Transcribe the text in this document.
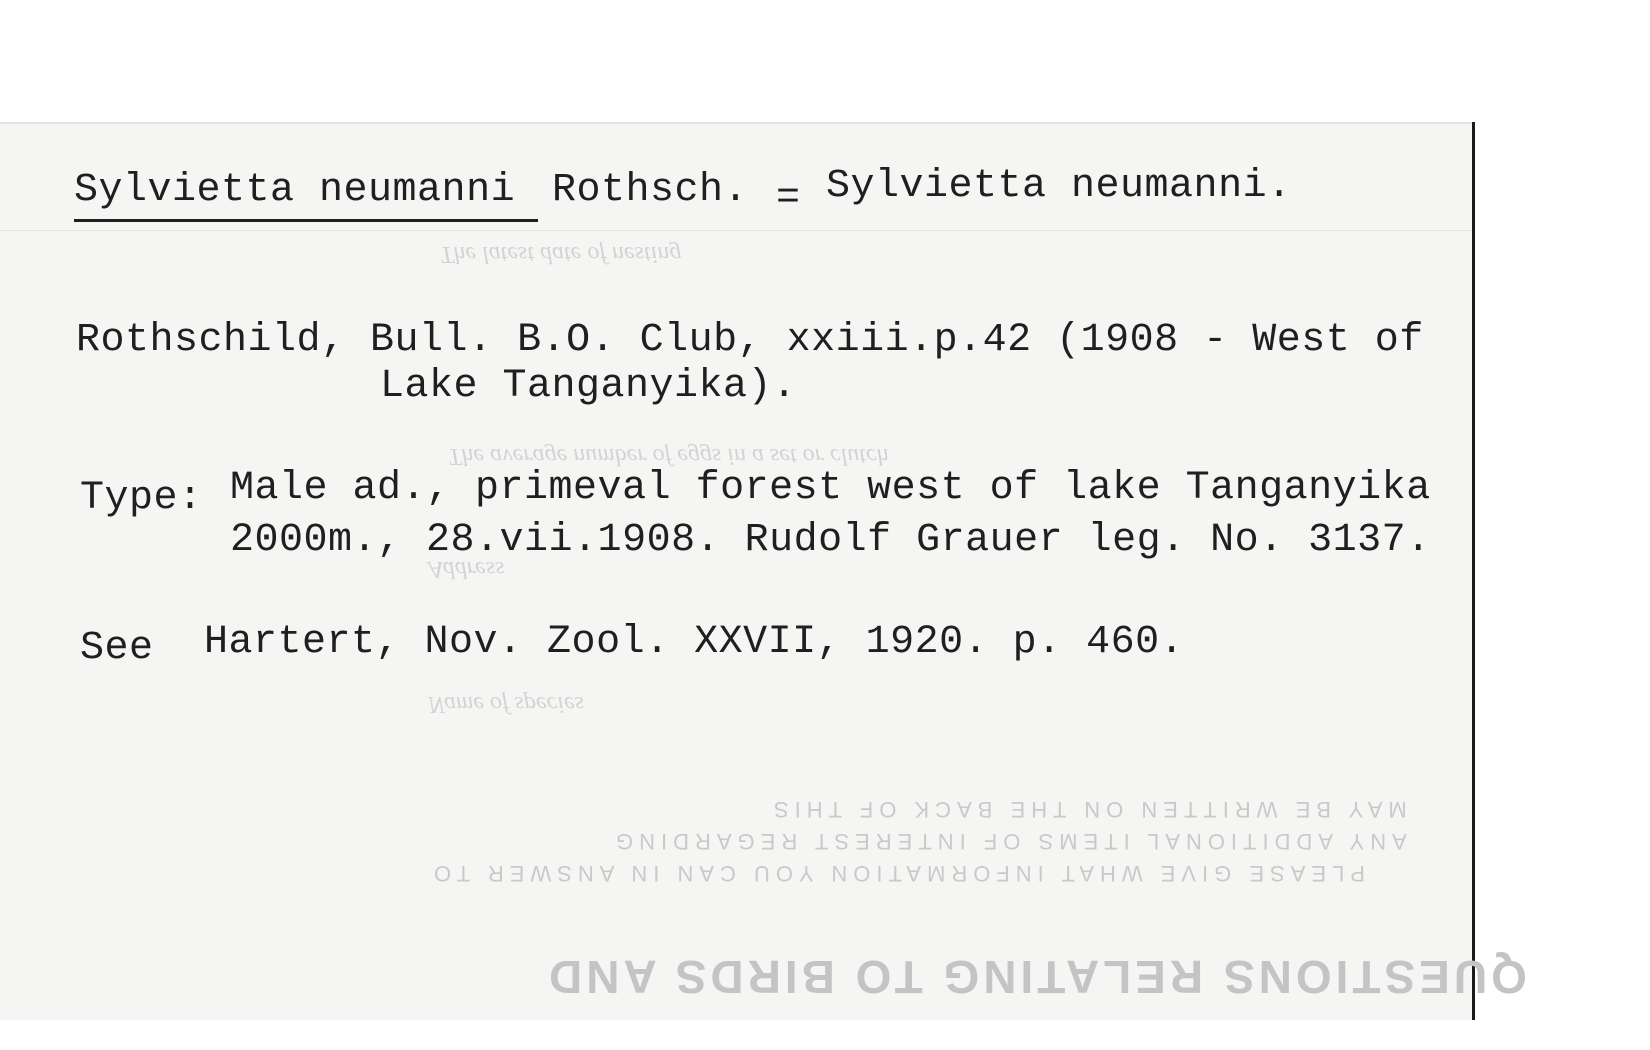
QUESTIONS RELATING TO BIRDS AND
PLEASE GIVE WHAT INFORMATION YOU CAN IN ANSWER TO
ANY ADDITIONAL ITEMS OF INTEREST REGARDING
MAY BE WRITTEN ON THE BACK OF THIS
Name of species
Address
The average number of eggs in a set or clutch
The latest date of nesting
Sylvietta neumanni Rothsch. = Sylvietta neumanni.
Rothschild, Bull. B.O. Club, xxiii.p.42 (1908 - West of
Lake Tanganyika).
Type: Male ad., primeval forest west of lake Tanganyika
2000m., 28.vii.1908. Rudolf Grauer leg. No. 3137.
See Hartert, Nov. Zool. XXVII, 1920. p. 460.
